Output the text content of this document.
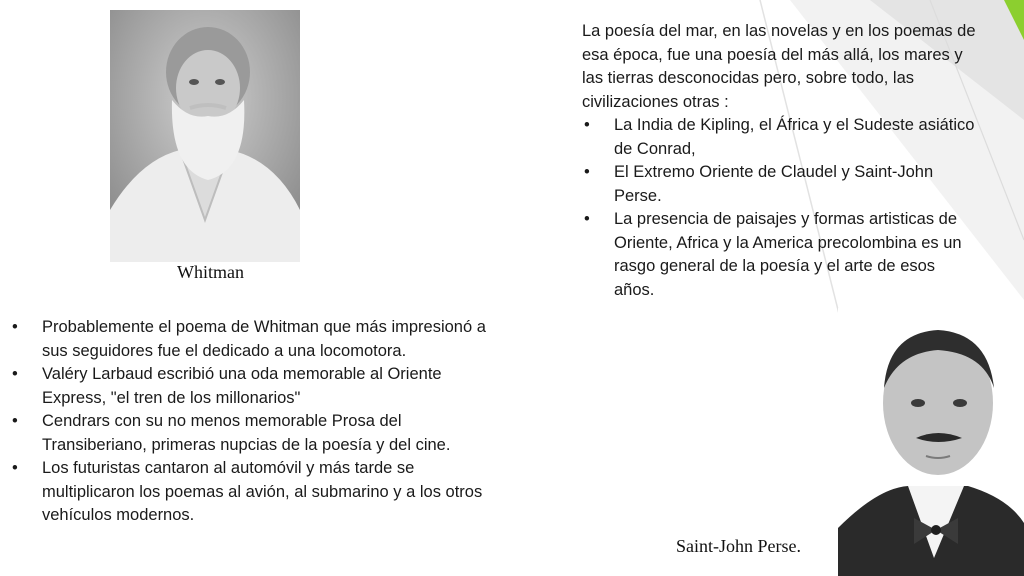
Whitman
Saint-John Perse.

La poesía del mar, en las novelas y en los poemas de esa época, fue una poesía del más allá, los mares y las tierras desconocidas pero, sobre todo, las civilizaciones otras :

• La India de Kipling, el África y el Sudeste asiático de Conrad,
• El Extremo Oriente de Claudel y Saint-John Perse.
• La presencia de paisajes y formas artisticas de Oriente, Africa y la America precolombina es un rasgo general de la poesía y el arte de esos años.
• Probablemente el poema de Whitman que más impresionó a sus seguidores fue el dedicado a una locomotora.
• Valéry Larbaud escribió una oda memorable al Oriente Express, "el tren de los millonarios"
• Cendrars con su no menos memorable Prosa del Transiberiano, primeras nupcias de la poesía y del cine.
• Los futuristas cantaron al automóvil y más tarde se multiplicaron los poemas al avión, al submarino y a los otros vehículos modernos.
